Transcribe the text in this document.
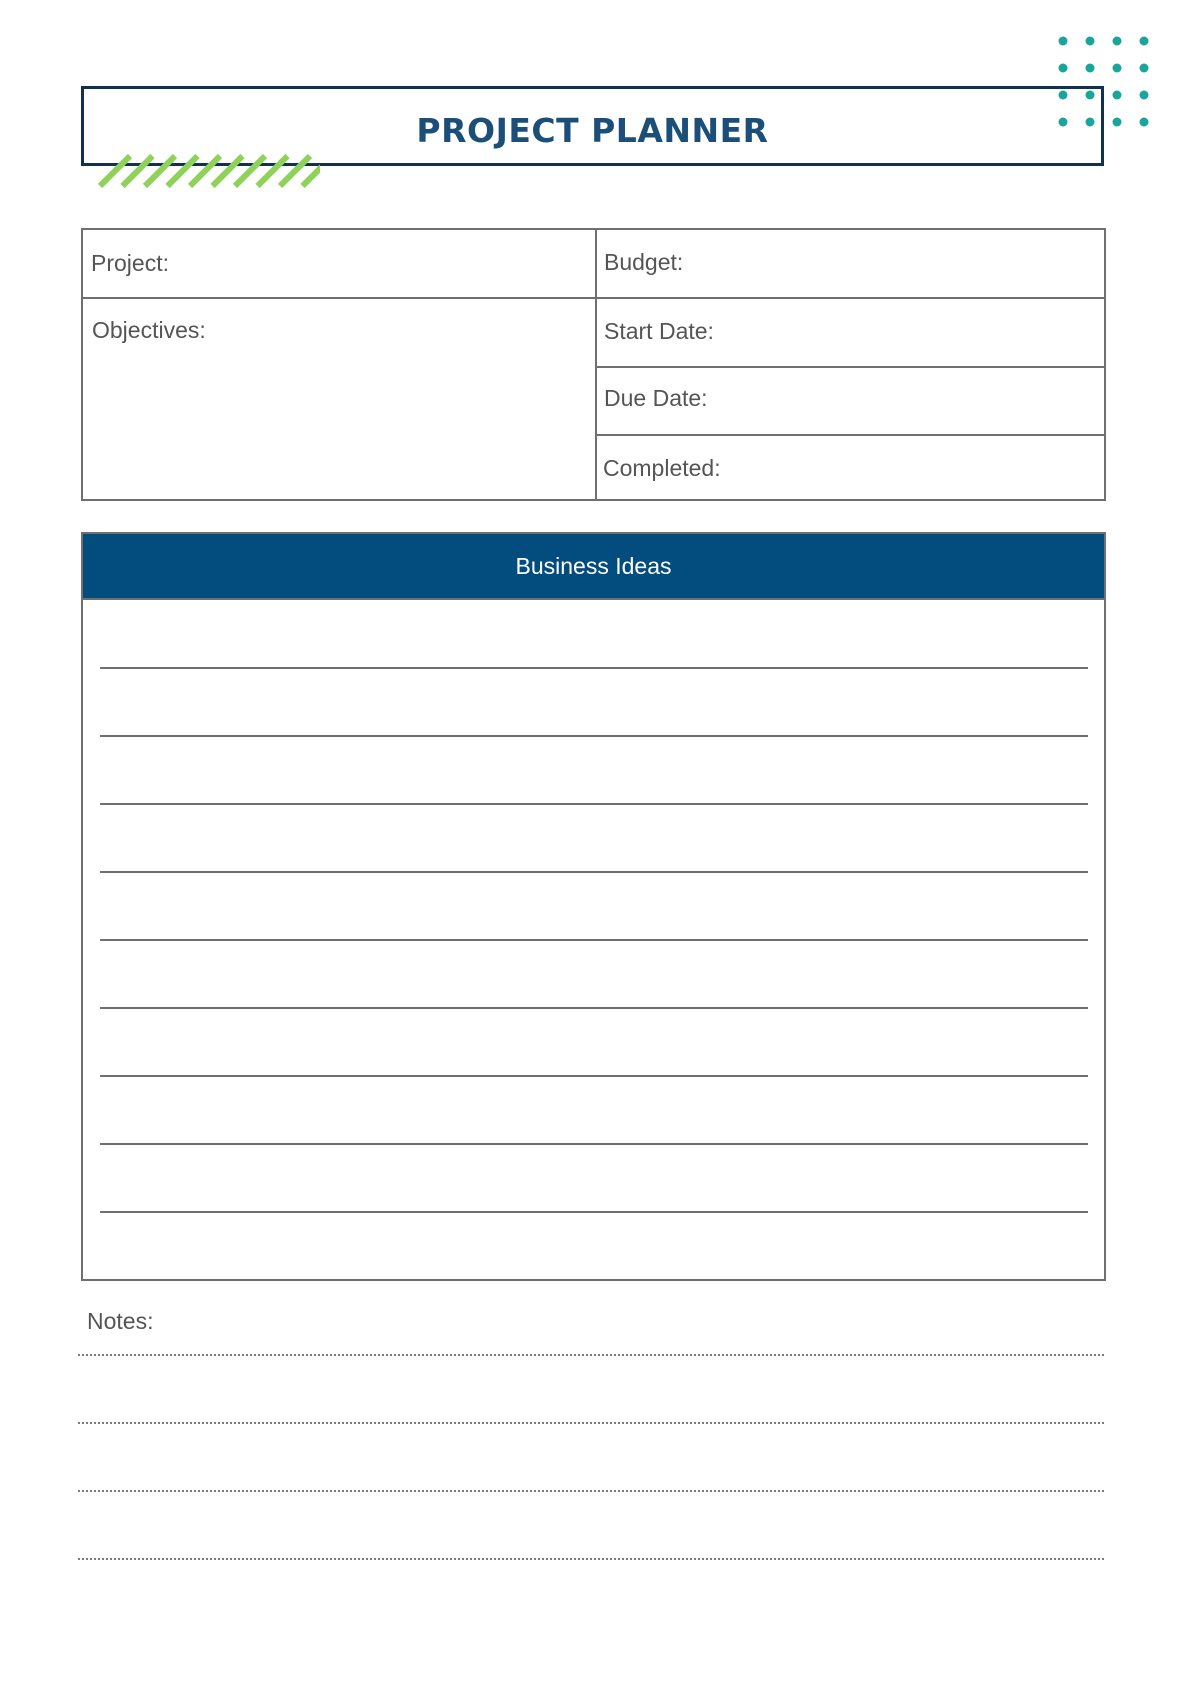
PROJECT PLANNER
Project:	Budget:
Objectives:	Start Date:
Due Date:
Completed:
Business Ideas
Notes:
